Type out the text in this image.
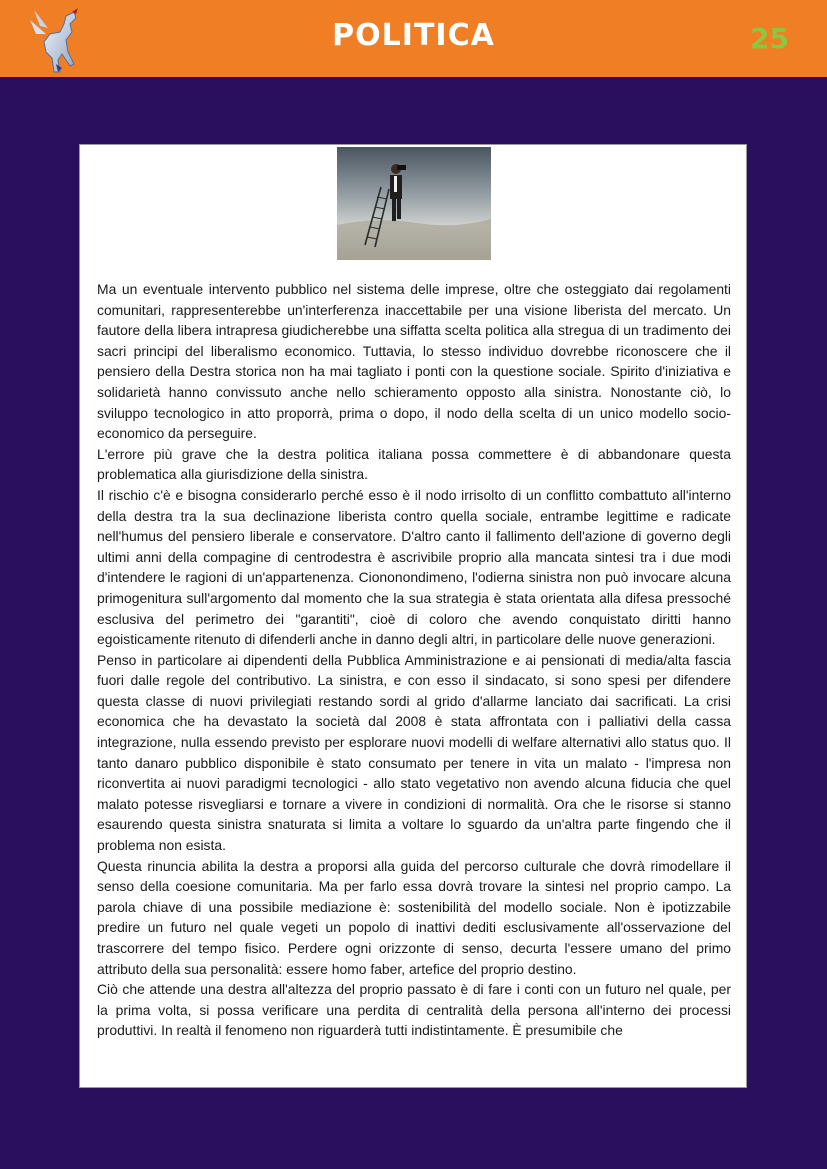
POLITICA	25

Ma un eventuale intervento pubblico nel sistema delle imprese, oltre che osteggiato dai regolamenti comunitari, rappresenterebbe un'interferenza inaccettabile per una visione liberista del mercato. Un fautore della libera intrapresa giudicherebbe una siffatta scelta politica alla stregua di un tradimento dei sacri principi del liberalismo economico. Tuttavia, lo stesso individuo dovrebbe riconoscere che il pensiero della Destra storica non ha mai tagliato i ponti con la questione sociale. Spirito d'iniziativa e solidarietà hanno convissuto anche nello schieramento opposto alla sinistra. Nonostante ciò, lo sviluppo tecnologico in atto proporrà, prima o dopo, il nodo della scelta di un unico modello socio-economico da perseguire.

L'errore più grave che la destra politica italiana possa commettere è di abbandonare questa problematica alla giurisdizione della sinistra.

Il rischio c'è e bisogna considerarlo perché esso è il nodo irrisolto di un conflitto combattuto all'interno della destra tra la sua declinazione liberista contro quella sociale, entrambe legittime e radicate nell'humus del pensiero liberale e conservatore. D'altro canto il fallimento dell'azione di governo degli ultimi anni della compagine di centrodestra è ascrivibile proprio alla mancata sintesi tra i due modi d'intendere le ragioni di un'appartenenza. Ciononondimeno, l'odierna sinistra non può invocare alcuna primogenitura sull'argomento dal momento che la sua strategia è stata orientata alla difesa pressoché esclusiva del perimetro dei "garantiti", cioè di coloro che avendo conquistato diritti hanno egoisticamente ritenuto di difenderli anche in danno degli altri, in particolare delle nuove generazioni.

Penso in particolare ai dipendenti della Pubblica Amministrazione e ai pensionati di media/alta fascia fuori dalle regole del contributivo. La sinistra, e con esso il sindacato, si sono spesi per difendere questa classe di nuovi privilegiati restando sordi al grido d'allarme lanciato dai sacrificati. La crisi economica che ha devastato la società dal 2008 è stata affrontata con i palliativi della cassa integrazione, nulla essendo previsto per esplorare nuovi modelli di welfare alternativi allo status quo. Il tanto danaro pubblico disponibile è stato consumato per tenere in vita un malato - l'impresa non riconvertita ai nuovi paradigmi tecnologici - allo stato vegetativo non avendo alcuna fiducia che quel malato potesse risvegliarsi e tornare a vivere in condizioni di normalità. Ora che le risorse si stanno esaurendo questa sinistra snaturata si limita a voltare lo sguardo da un'altra parte fingendo che il problema non esista.

Questa rinuncia abilita la destra a proporsi alla guida del percorso culturale che dovrà rimodellare il senso della coesione comunitaria. Ma per farlo essa dovrà trovare la sintesi nel proprio campo. La parola chiave di una possibile mediazione è: sostenibilità del modello sociale. Non è ipotizzabile predire un futuro nel quale vegeti un popolo di inattivi dediti esclusivamente all'osservazione del trascorrere del tempo fisico. Perdere ogni orizzonte di senso, decurta l'essere umano del primo attributo della sua personalità: essere homo faber, artefice del proprio destino.

Ciò che attende una destra all'altezza del proprio passato è di fare i conti con un futuro nel quale, per la prima volta, si possa verificare una perdita di centralità della persona all'interno dei processi produttivi. In realtà il fenomeno non riguarderà tutti indistintamente. È presumibile che
